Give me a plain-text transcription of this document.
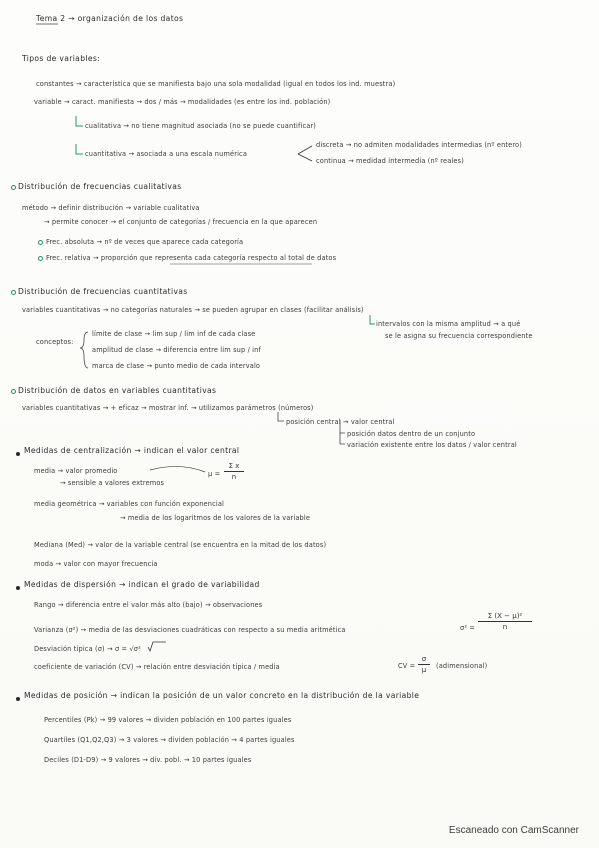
Tema 2 → organización de los datos
Tipos de variables:
constantes → característica que se manifiesta bajo una sola modalidad (igual en todos los ind. muestra)
variable → caract. manifiesta → dos / más → modalidades (es entre los ind. población)
cualitativa → no tiene magnitud asociada (no se puede cuantificar)
cuantitativa → asociada a una escala numérica
discreta → no admiten modalidades intermedias (nº entero)
continua → medidad intermedia (nº reales)
Distribución de frecuencias cualitativas
método → definir distribución → variable cualitativa
→ permite conocer → el conjunto de categorías / frecuencia en la que aparecen
Frec. absoluta → nº de veces que aparece cada categoría
Frec. relativa → proporción que representa cada categoría respecto al total de datos
Distribución de frecuencias cuantitativas
variables cuantitativas → no categorías naturales → se pueden agrupar en clases (facilitar análisis)
intervalos con la misma amplitud → a qué
se le asigna su frecuencia correspondiente
conceptos:
límite de clase → lim sup / lim inf de cada clase
amplitud de clase → diferencia entre lim sup / inf
marca de clase → punto medio de cada intervalo
Distribución de datos en variables cuantitativas
variables cuantitativas → + eficaz → mostrar inf. → utilizamos parámetros (números)
posición central → valor central
posición datos dentro de un conjunto
variación existente entre los datos / valor central
Medidas de centralización → indican el valor central
media → valor promedio
→ sensible a valores extremos
μ =
Σ x
n
media geométrica → variables con función exponencial
→ media de los logaritmos de los valores de la variable
Mediana (Med) → valor de la variable central (se encuentra en la mitad de los datos)
moda → valor con mayor frecuencia
Medidas de dispersión → indican el grado de variabilidad
Rango → diferencia entre el valor más alto (bajo) → observaciones
Varianza (σ²) → media de las desviaciones cuadráticas con respecto a su media aritmética	σ² =
Σ (X − μ)²
n
Desviación típica (σ) → σ = √σ²
coeficiente de variación (CV) → relación entre desviación típica / media	CV =
σ
μ (adimensional)
Medidas de posición → indican la posición de un valor concreto en la distribución de la variable
Percentiles (Pk) → 99 valores → dividen población en 100 partes iguales
Quartiles (Q1,Q2,Q3) → 3 valores → dividen población → 4 partes iguales
Deciles (D1-D9) → 9 valores → div. pobl. → 10 partes iguales
Escaneado con CamScanner
